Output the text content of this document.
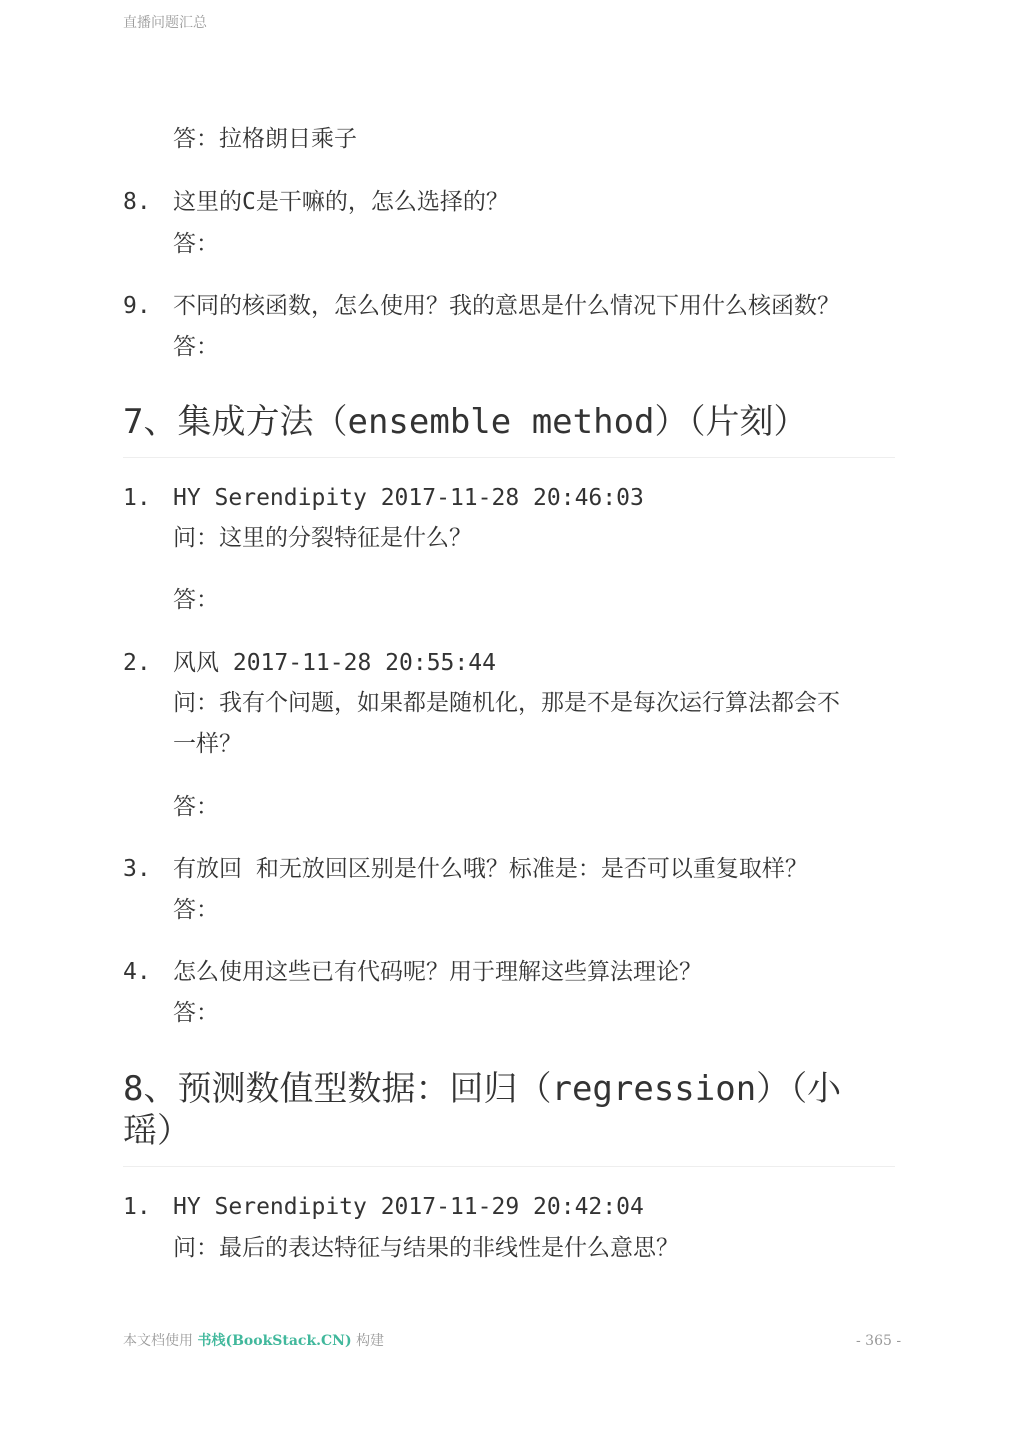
直播问题汇总
答：拉格朗日乘子
8. 这里的C是干嘛的，怎么选择的？
答：
9. 不同的核函数，怎么使用？我的意思是什么情况下用什么核函数？
答：
7、集成方法（ensemble method）（片刻）
1. HY Serendipity 2017-11-28 20:46:03
问：这里的分裂特征是什么？
答：
2. 风风 2017-11-28 20:55:44
问：我有个问题，如果都是随机化，那是不是每次运行算法都会不
一样？
答：
3. 有放回 和无放回区别是什么哦？标准是：是否可以重复取样？
答：
4. 怎么使用这些已有代码呢？用于理解这些算法理论？
答：
8、预测数值型数据：回归（regression）（小
瑶）
1. HY Serendipity 2017-11-29 20:42:04
问：最后的表达特征与结果的非线性是什么意思？
本文档使用 书栈(BookStack.CN) 构建	- 365 -
